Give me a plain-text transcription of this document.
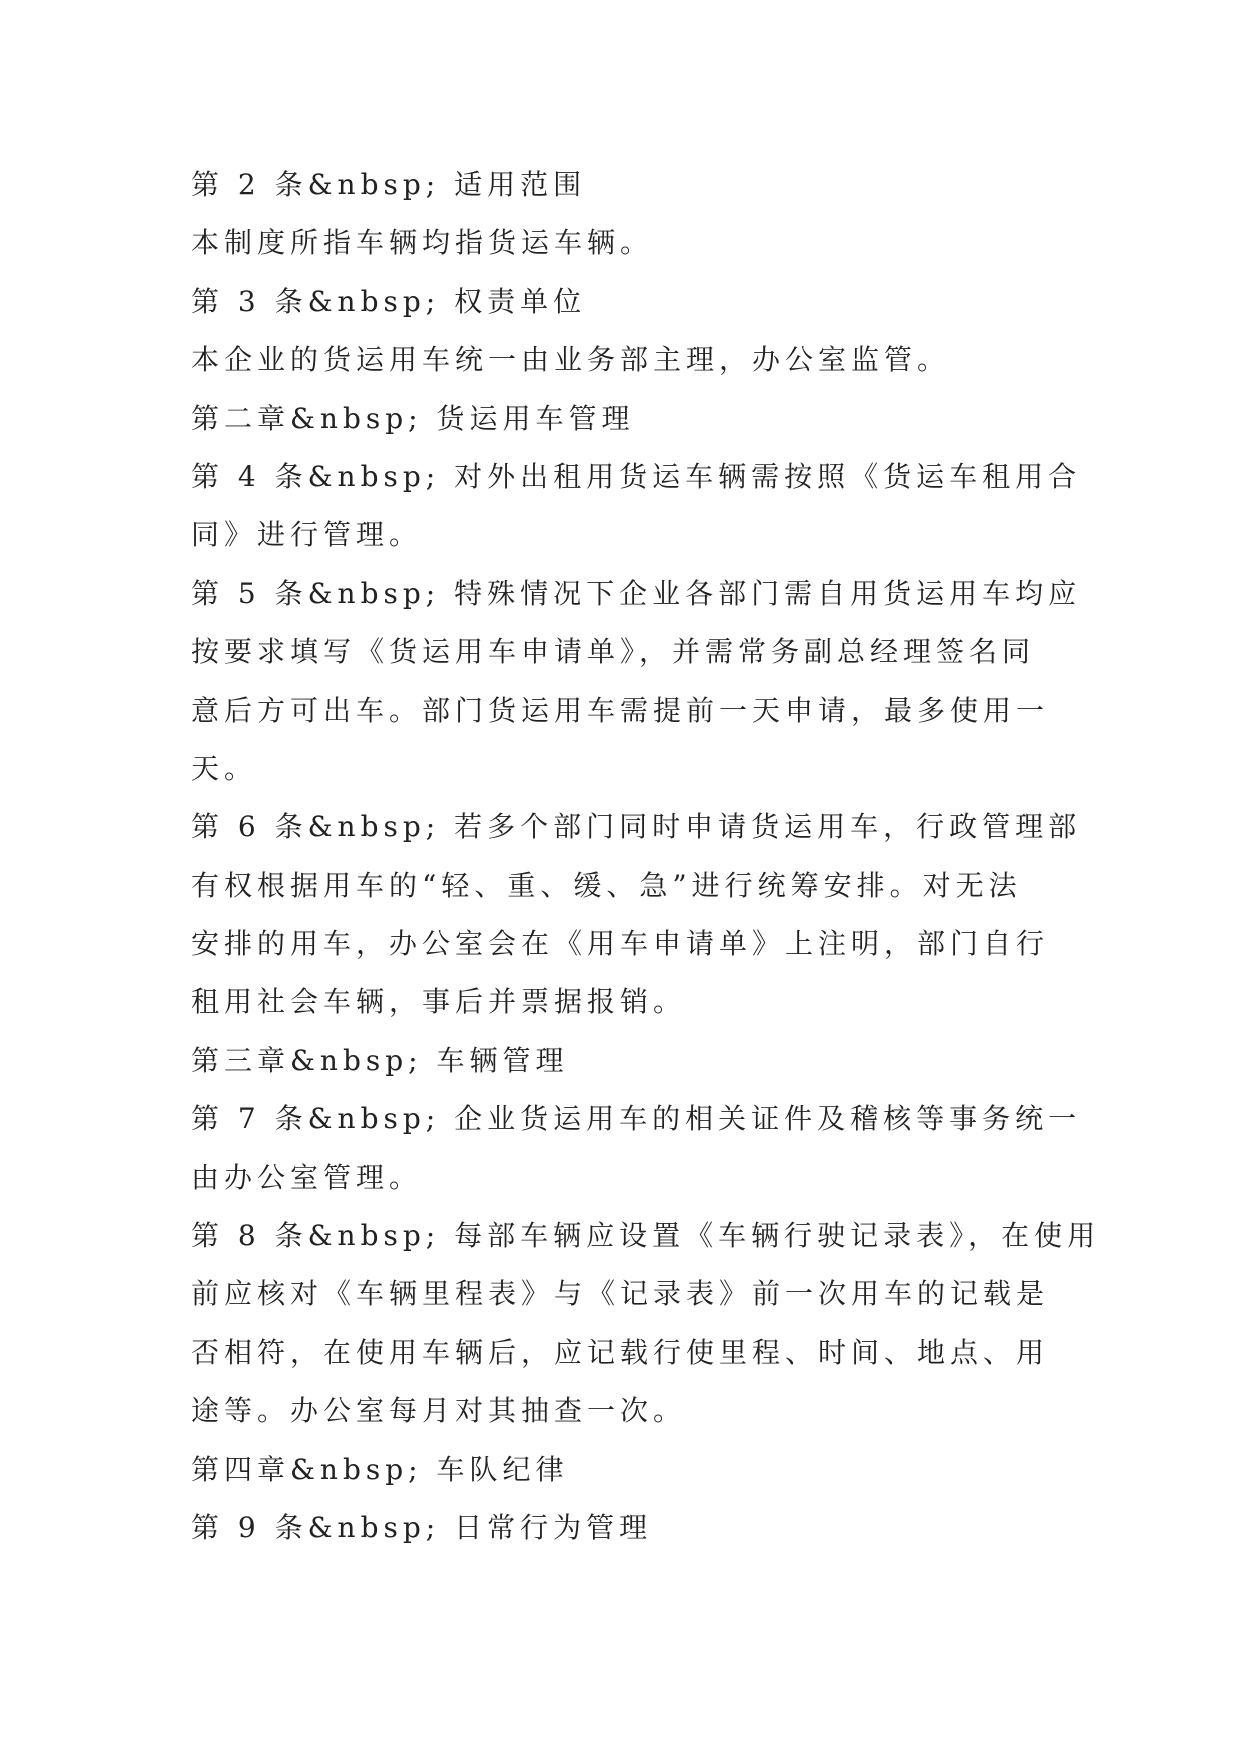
第 2 条&nbsp; 适用范围
本制度所指车辆均指货运车辆。
第 3 条&nbsp; 权责单位
本企业的货运用车统一由业务部主理，办公室监管。
第二章&nbsp; 货运用车管理
第 4 条&nbsp; 对外出租用货运车辆需按照《货运车租用合
同》进行管理。
第 5 条&nbsp; 特殊情况下企业各部门需自用货运用车均应
按要求填写《货运用车申请单》，并需常务副总经理签名同
意后方可出车。部门货运用车需提前一天申请，最多使用一
天。
第 6 条&nbsp; 若多个部门同时申请货运用车，行政管理部
有权根据用车的“轻、重、缓、急”进行统筹安排。对无法
安排的用车，办公室会在《用车申请单》上注明，部门自行
租用社会车辆，事后并票据报销。
第三章&nbsp; 车辆管理
第 7 条&nbsp; 企业货运用车的相关证件及稽核等事务统一
由办公室管理。
第 8 条&nbsp; 每部车辆应设置《车辆行驶记录表》，在使用
前应核对《车辆里程表》与《记录表》前一次用车的记载是
否相符，在使用车辆后，应记载行使里程、时间、地点、用
途等。办公室每月对其抽查一次。
第四章&nbsp; 车队纪律
第 9 条&nbsp; 日常行为管理
